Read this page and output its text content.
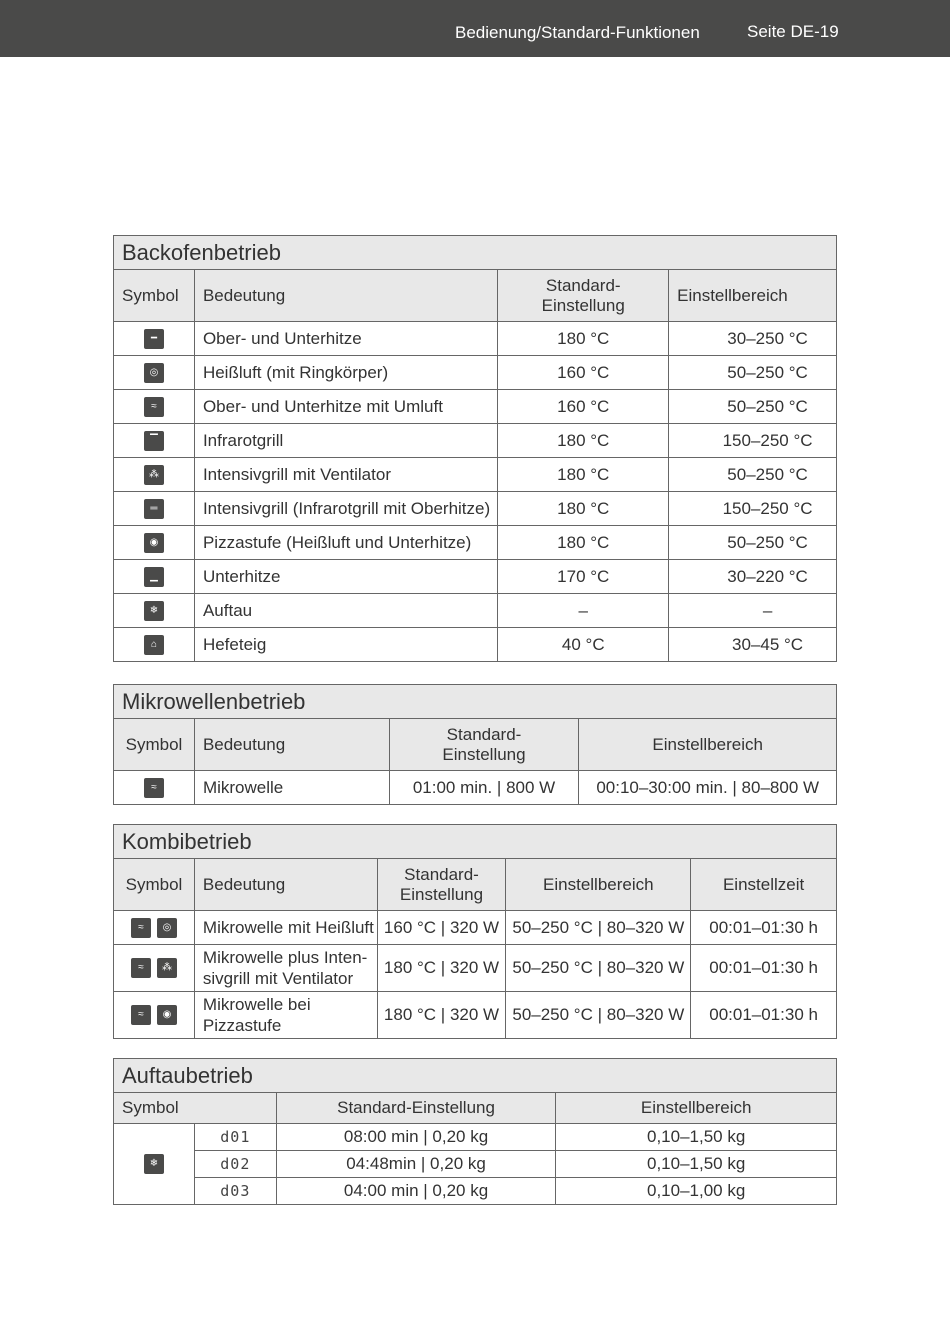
Bedienung/Standard-Funktionen	Seite DE-19
Backofenbetrieb			
Symbol	Bedeutung	Standard-
Einstellung	Einstellbereich
━	Ober- und Unterhitze	180 °C	30–250 °C
◎	Heißluft (mit Ringkörper)	160 °C	50–250 °C
≈	Ober- und Unterhitze mit Umluft	160 °C	50–250 °C
▔	Infrarotgrill	180 °C	150–250 °C
⁂	Intensivgrill mit Ventilator	180 °C	50–250 °C
═	Intensivgrill (Infrarotgrill mit Oberhitze)	180 °C	150–250 °C
◉	Pizzastufe (Heißluft und Unterhitze)	180 °C	50–250 °C
▁	Unterhitze	170 °C	30–220 °C
❄	Auftau	–	–
⌂	Hefeteig	40 °C	30–45 °C
Mikrowellenbetrieb			
Symbol	Bedeutung	Standard-
Einstellung	Einstellbereich
≈	Mikrowelle	01:00 min. | 800 W	00:10–30:00 min. | 80–800 W
Kombibetrieb				
Symbol	Bedeutung	Standard-
Einstellung	Einstellbereich	Einstellzeit
≈ ◎	Mikrowelle mit Heißluft	160 °C | 320 W	50–250 °C | 80–320 W	00:01–01:30 h
≈ ⁂	Mikrowelle plus Inten-
sivgrill mit Ventilator	180 °C | 320 W	50–250 °C | 80–320 W	00:01–01:30 h
≈ ◉	Mikrowelle bei
Pizzastufe	180 °C | 320 W	50–250 °C | 80–320 W	00:01–01:30 h
Auftaubetrieb			
Symbol		Standard-Einstellung	Einstellbereich
❄	d01	08:00 min | 0,20 kg	0,10–1,50 kg
	d02	04:48min | 0,20 kg	0,10–1,50 kg
	d03	04:00 min | 0,20 kg	0,10–1,00 kg
